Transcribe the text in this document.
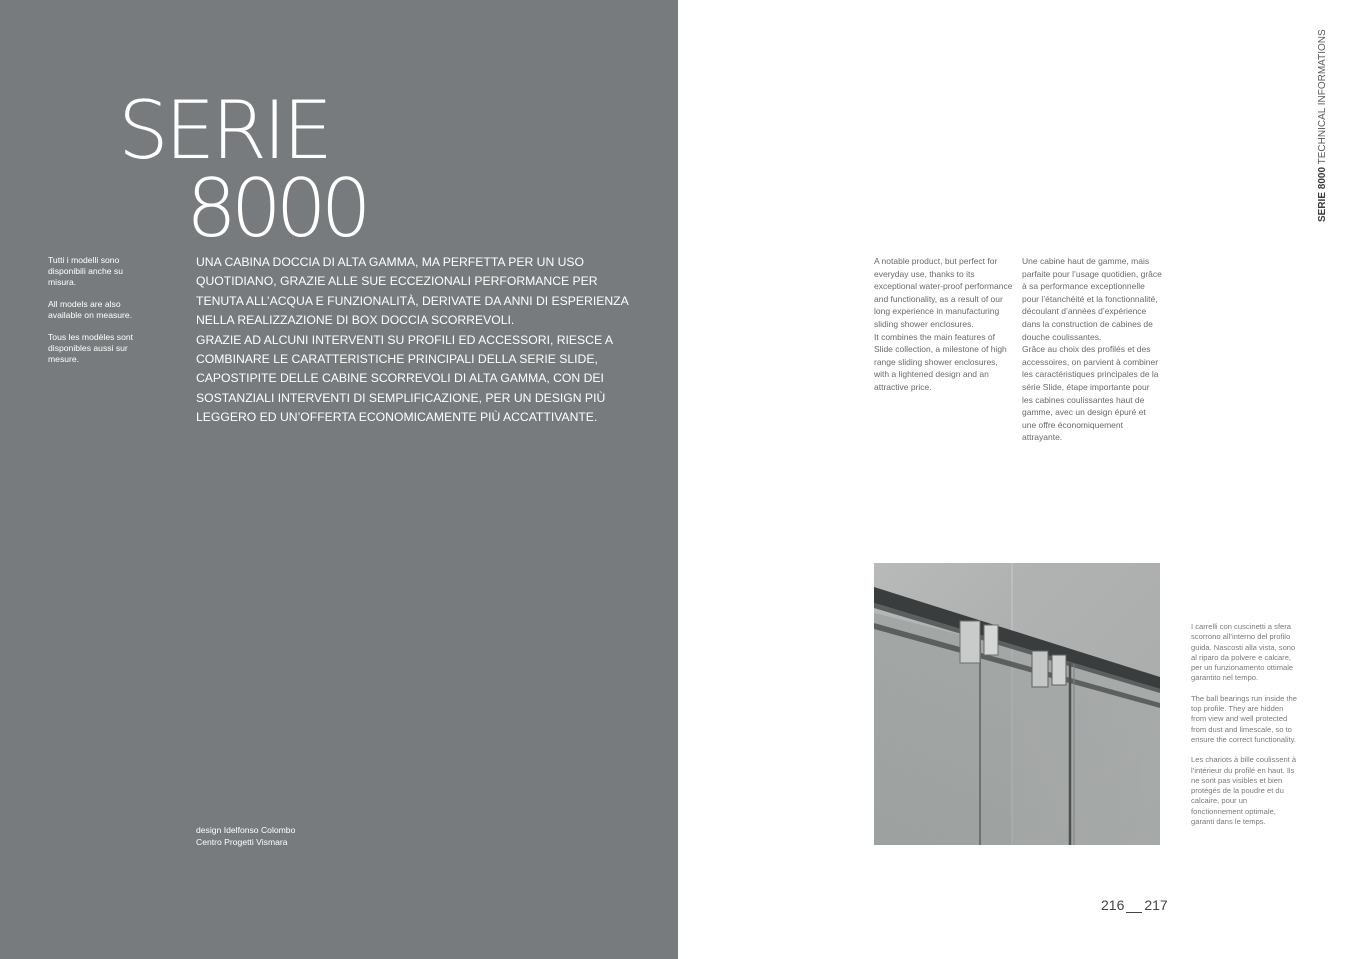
SERIE
8000

Tutti i modelli sono disponibili anche su misura.

All models are also available on measure.

Tous les modèles sont disponibles aussi sur mesure.

UNA CABINA DOCCIA DI ALTA GAMMA, MA PERFETTA PER UN USO QUOTIDIANO, GRAZIE ALLE SUE ECCEZIONALI PERFORMANCE PER TENUTA ALL’ACQUA E FUNZIONALITÀ, DERIVATE DA ANNI DI ESPERIENZA NELLA REALIZZAZIONE DI BOX DOCCIA SCORREVOLI.

GRAZIE AD ALCUNI INTERVENTI SU PROFILI ED ACCESSORI, RIESCE A COMBINARE LE CARATTERISTICHE PRINCIPALI DELLA SERIE SLIDE, CAPOSTIPITE DELLE CABINE SCORREVOLI DI ALTA GAMMA, CON DEI SOSTANZIALI INTERVENTI DI SEMPLIFICAZIONE, PER UN DESIGN PIÙ LEGGERO ED UN’OFFERTA ECONOMICAMENTE PIÙ ACCATTIVANTE.

design Idelfonso Colombo
Centro Progetti Vismara
SERIE 8000 TECHNICAL INFORMATIONS

A notable product, but perfect for everyday use, thanks to its exceptional water-proof performance and functionality, as a result of our long experience in manufacturing sliding shower enclosures.

It combines the main features of Slide collection, a milestone of high range sliding shower enclosures, with a lightened design and an attractive price.

Une cabine haut de gamme, mais parfaite pour l’usage quotidien, grâce à sa performance exceptionnelle pour l’étanchéité et la fonctionnalité, découlant d’années d’expérience dans la construction de cabines de douche coulissantes.

Grâce au choix des profilés et des accessoires, on parvient à combiner les caractéristiques principales de la série Slide, étape importante pour les cabines coulissantes haut de gamme, avec un design épuré et une offre économiquement attrayante.

I carrelli con cuscinetti a sfera scorrono all’interno del profilo guida. Nascosti alla vista, sono al riparo da polvere e calcare, per un funzionamento ottimale garantito nel tempo.

The ball bearings run inside the top profile. They are hidden from view and well protected from dust and limescale, so to ensure the correct functionality.

Les chariots à bille coulissent à l’intérieur du profilé en haut. Ils ne sont pas visibles et bien protégés de la poudre et du calcaire, pour un fonctionnement optimale, garanti dans le temps.

216 217
